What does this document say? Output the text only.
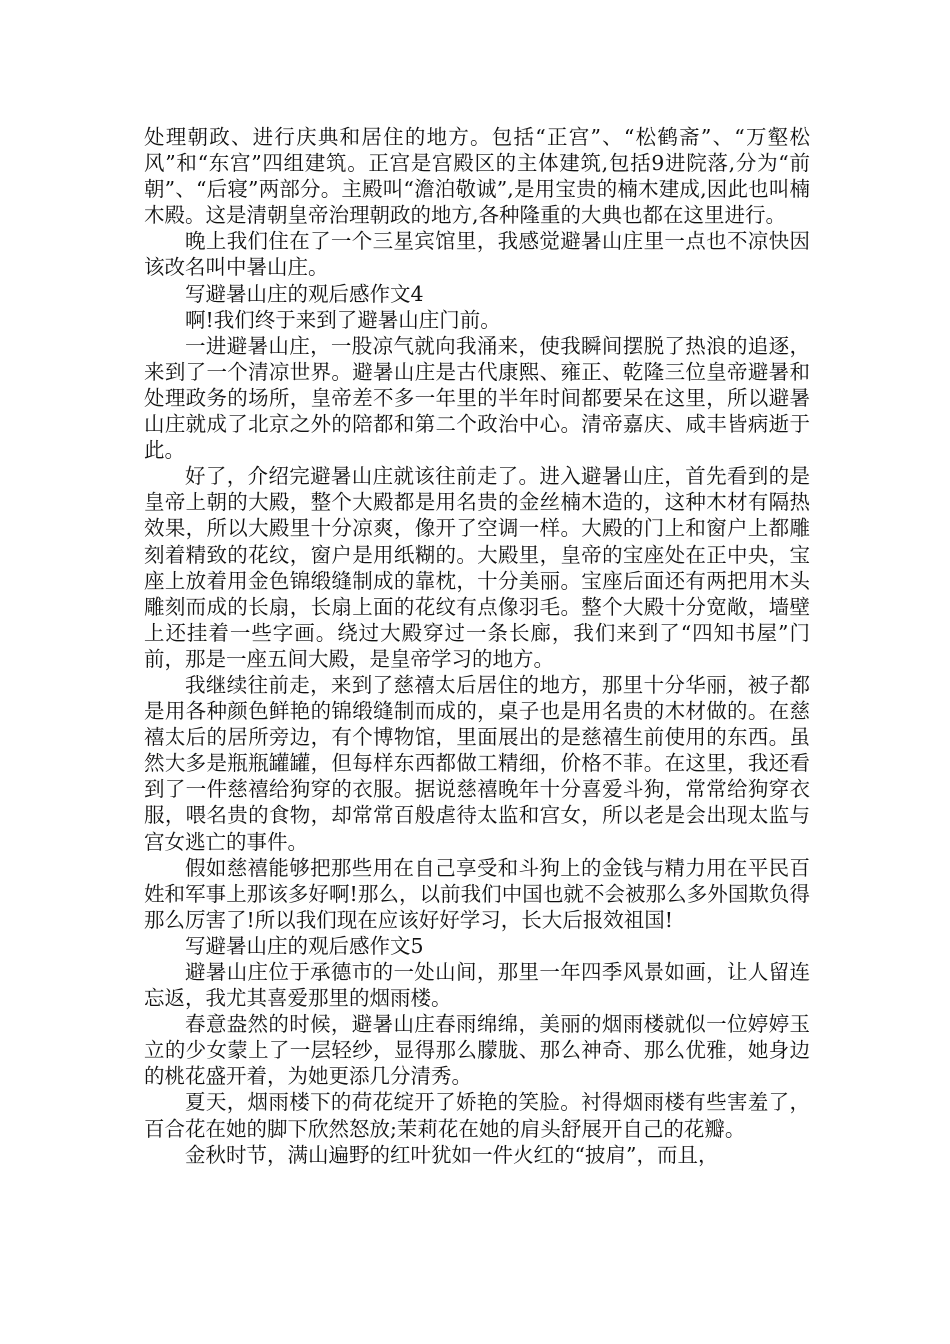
处理朝政、进行庆典和居住的地方。包括“正宫”、“松鹤斋”、“万壑松风”和“东宫”四组建筑。正宫是宫殿区的主体建筑,包括9进院落,分为“前朝”、“后寝”两部分。主殿叫“澹泊敬诚”,是用宝贵的楠木建成,因此也叫楠木殿。这是清朝皇帝治理朝政的地方,各种隆重的大典也都在这里进行。

晚上我们住在了一个三星宾馆里，我感觉避暑山庄里一点也不凉快因该改名叫中暑山庄。

写避暑山庄的观后感作文4

啊!我们终于来到了避暑山庄门前。

一进避暑山庄，一股凉气就向我涌来，使我瞬间摆脱了热浪的追逐，来到了一个清凉世界。避暑山庄是古代康熙、雍正、乾隆三位皇帝避暑和处理政务的场所，皇帝差不多一年里的半年时间都要呆在这里，所以避暑山庄就成了北京之外的陪都和第二个政治中心。清帝嘉庆、咸丰皆病逝于此。

好了，介绍完避暑山庄就该往前走了。进入避暑山庄，首先看到的是皇帝上朝的大殿，整个大殿都是用名贵的金丝楠木造的，这种木材有隔热效果，所以大殿里十分凉爽，像开了空调一样。大殿的门上和窗户上都雕刻着精致的花纹，窗户是用纸糊的。大殿里，皇帝的宝座处在正中央，宝座上放着用金色锦缎缝制成的靠枕，十分美丽。宝座后面还有两把用木头雕刻而成的长扇，长扇上面的花纹有点像羽毛。整个大殿十分宽敞，墙壁上还挂着一些字画。绕过大殿穿过一条长廊，我们来到了“四知书屋”门前，那是一座五间大殿，是皇帝学习的地方。

我继续往前走，来到了慈禧太后居住的地方，那里十分华丽，被子都是用各种颜色鲜艳的锦缎缝制而成的，桌子也是用名贵的木材做的。在慈禧太后的居所旁边，有个博物馆，里面展出的是慈禧生前使用的东西。虽然大多是瓶瓶罐罐，但每样东西都做工精细，价格不菲。在这里，我还看到了一件慈禧给狗穿的衣服。据说慈禧晚年十分喜爱斗狗，常常给狗穿衣服，喂名贵的食物，却常常百般虐待太监和宫女，所以老是会出现太监与宫女逃亡的事件。

假如慈禧能够把那些用在自己享受和斗狗上的金钱与精力用在平民百姓和军事上那该多好啊!那么，以前我们中国也就不会被那么多外国欺负得那么厉害了!所以我们现在应该好好学习，长大后报效祖国!

写避暑山庄的观后感作文5

避暑山庄位于承德市的一处山间，那里一年四季风景如画，让人留连忘返，我尤其喜爱那里的烟雨楼。

春意盎然的时候，避暑山庄春雨绵绵，美丽的烟雨楼就似一位婷婷玉立的少女蒙上了一层轻纱，显得那么朦胧、那么神奇、那么优雅，她身边的桃花盛开着，为她更添几分清秀。

夏天，烟雨楼下的荷花绽开了娇艳的笑脸。衬得烟雨楼有些害羞了，百合花在她的脚下欣然怒放;茉莉花在她的肩头舒展开自己的花瓣。

金秋时节，满山遍野的红叶犹如一件火红的“披肩”，而且，
